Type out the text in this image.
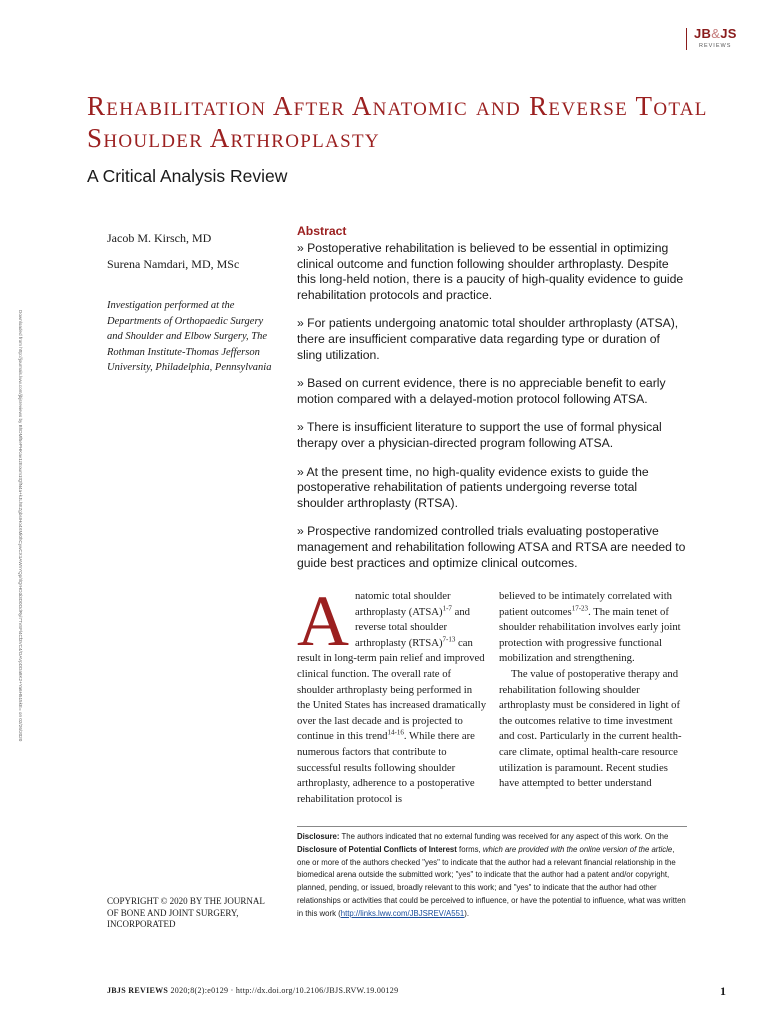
JB&JS
REVIEWS
Rehabilitation After Anatomic and Reverse Total Shoulder Arthroplasty
A Critical Analysis Review
Jacob M. Kirsch, MD
Surena Namdari, MD, MSc
Investigation performed at the Departments of Orthopaedic Surgery and Shoulder and Elbow Surgery, The Rothman Institute-Thomas Jefferson University, Philadelphia, Pennsylvania
Downloaded from http://journals.lww.com/jbjsreviews by BhDMf5ePHKav1zEoum1tQfN4a+kJLhEZgbsIHo4XMi0hCywCX1AWnYQp/IlQrHD3i3D0OdRyi7TvSFl4Cf3VC4/OAVpDDa8K2+Ya6H515kE= on 02/26/2020
Abstract

» Postoperative rehabilitation is believed to be essential in optimizing clinical outcome and function following shoulder arthroplasty. Despite this long-held notion, there is a paucity of high-quality evidence to guide rehabilitation protocols and practice.

» For patients undergoing anatomic total shoulder arthroplasty (ATSA), there are insufficient comparative data regarding type or duration of sling utilization.

» Based on current evidence, there is no appreciable benefit to early motion compared with a delayed-motion protocol following ATSA.

» There is insufficient literature to support the use of formal physical therapy over a physician-directed program following ATSA.

» At the present time, no high-quality evidence exists to guide the postoperative rehabilitation of patients undergoing reverse total shoulder arthroplasty (RTSA).

» Prospective randomized controlled trials evaluating postoperative management and rehabilitation following ATSA and RTSA are needed to guide best practices and optimize clinical outcomes.

A natomic total shoulder arthroplasty (ATSA)$^{1-7}$ and reverse total shoulder arthroplasty (RTSA)$^{7-13}$ can result in long-term pain relief and improved clinical function. The overall rate of shoulder arthroplasty being performed in the United States has increased dramatically over the last decade and is projected to continue in this trend$^{14-16}$. While there are numerous factors that contribute to successful results following shoulder arthroplasty, adherence to a postoperative rehabilitation protocol is

believed to be intimately correlated with patient outcomes$^{17-23}$. The main tenet of shoulder rehabilitation involves early joint protection with progressive functional mobilization and strengthening.

The value of postoperative therapy and rehabilitation following shoulder arthroplasty must be considered in light of the outcomes relative to time investment and cost. Particularly in the current health-care climate, optimal health-care resource utilization is paramount. Recent studies have attempted to better understand

Disclosure: The authors indicated that no external funding was received for any aspect of this work. On the Disclosure of Potential Conflicts of Interest forms, which are provided with the online version of the article, one or more of the authors checked "yes" to indicate that the author had a relevant financial relationship in the biomedical arena outside the submitted work; "yes" to indicate that the author had a patent and/or copyright, planned, pending, or issued, broadly relevant to this work; and "yes" to indicate that the author had other relationships or activities that could be perceived to influence, or have the potential to influence, what was written in this work (http://links.lww.com/JBJSREV/A551).
COPYRIGHT © 2020 BY THE JOURNAL OF BONE AND JOINT SURGERY, INCORPORATED
JBJS REVIEWS 2020;8(2):e0129 · http://dx.doi.org/10.2106/JBJS.RVW.19.00129	1
